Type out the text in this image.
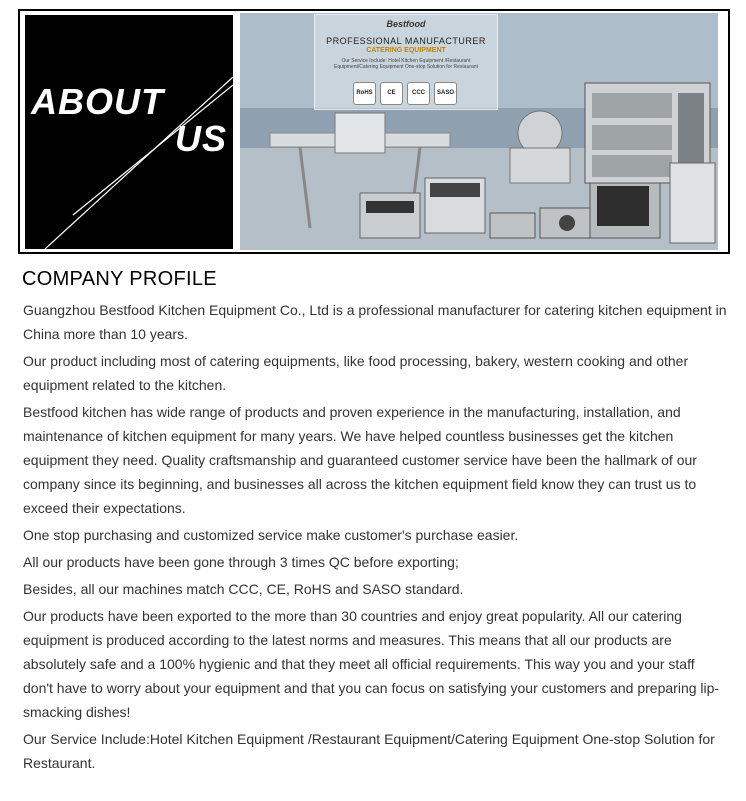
ABOUT
US
Bestfood
PROFESSIONAL MANUFACTURER
CATERING EQUIPMENT
Our Service Include: Hotel Kitchen Equipment /Restaurant Equipment/Catering Equipment One-stop Solution for Restaurant
RoHS	CE	CCC	SASO
COMPANY PROFILE

Guangzhou Bestfood Kitchen Equipment Co., Ltd is a professional manufacturer for catering kitchen equipment in China more than 10 years.

Our product including most of catering equipments, like food processing, bakery, western cooking and other equipment related to the kitchen.

Bestfood kitchen has wide range of products and proven experience in the manufacturing, installation, and maintenance of kitchen equipment for many years. We have helped countless businesses get the kitchen equipment they need. Quality craftsmanship and guaranteed customer service have been the hallmark of our company since its beginning, and businesses all across the kitchen equipment field know they can trust us to exceed their expectations.

One stop purchasing and customized service make customer's purchase easier.

All our products have been gone through 3 times QC before exporting;

Besides, all our machines match CCC, CE, RoHS and SASO standard.

Our products have been exported to the more than 30 countries and enjoy great popularity. All our catering equipment is produced according to the latest norms and measures. This means that all our products are absolutely safe and a 100% hygienic and that they meet all official requirements. This way you and your staff don't have to worry about your equipment and that you can focus on satisfying your customers and preparing lip-smacking dishes!

Our Service Include:Hotel Kitchen Equipment /Restaurant Equipment/Catering Equipment One-stop Solution for Restaurant.
